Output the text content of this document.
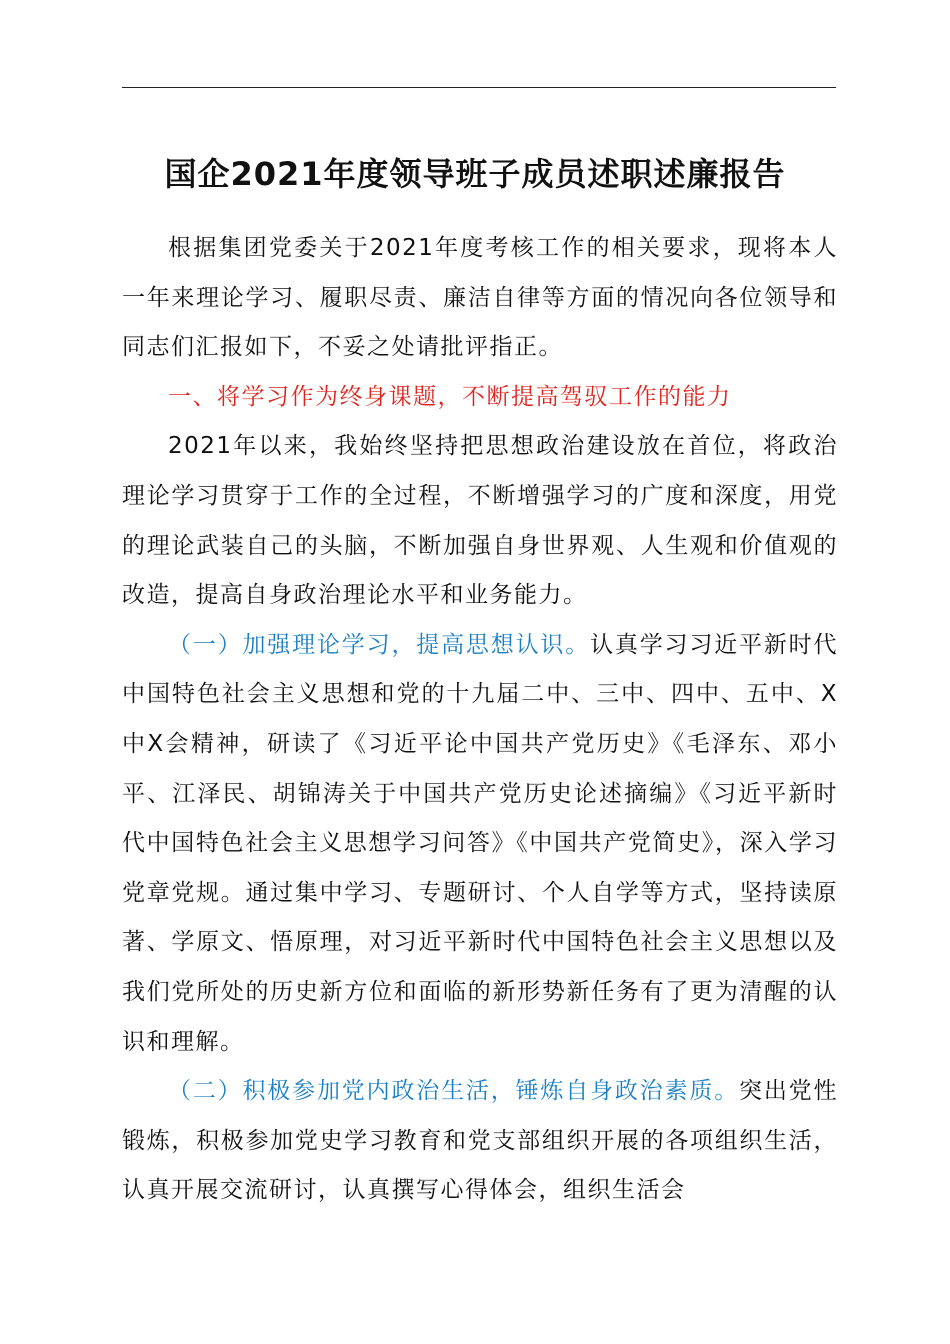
国企2021年度领导班子成员述职述廉报告

根据集团党委关于2021年度考核工作的相关要求，现将本人一年来理论学习、履职尽责、廉洁自律等方面的情况向各位领导和同志们汇报如下，不妥之处请批评指正。

一、将学习作为终身课题，不断提高驾驭工作的能力

2021年以来，我始终坚持把思想政治建设放在首位，将政治理论学习贯穿于工作的全过程，不断增强学习的广度和深度，用党的理论武装自己的头脑，不断加强自身世界观、人生观和价值观的改造，提高自身政治理论水平和业务能力。

（一）加强理论学习，提高思想认识。认真学习习近平新时代中国特色社会主义思想和党的十九届二中、三中、四中、五中、X中X会精神，研读了《习近平论中国共产党历史》《毛泽东、邓小平、江泽民、胡锦涛关于中国共产党历史论述摘编》《习近平新时代中国特色社会主义思想学习问答》《中国共产党简史》，深入学习党章党规。通过集中学习、专题研讨、个人自学等方式，坚持读原著、学原文、悟原理，对习近平新时代中国特色社会主义思想以及我们党所处的历史新方位和面临的新形势新任务有了更为清醒的认识和理解。

（二）积极参加党内政治生活，锤炼自身政治素质。突出党性锻炼，积极参加党史学习教育和党支部组织开展的各项组织生活，认真开展交流研讨，认真撰写心得体会，组织生活会
